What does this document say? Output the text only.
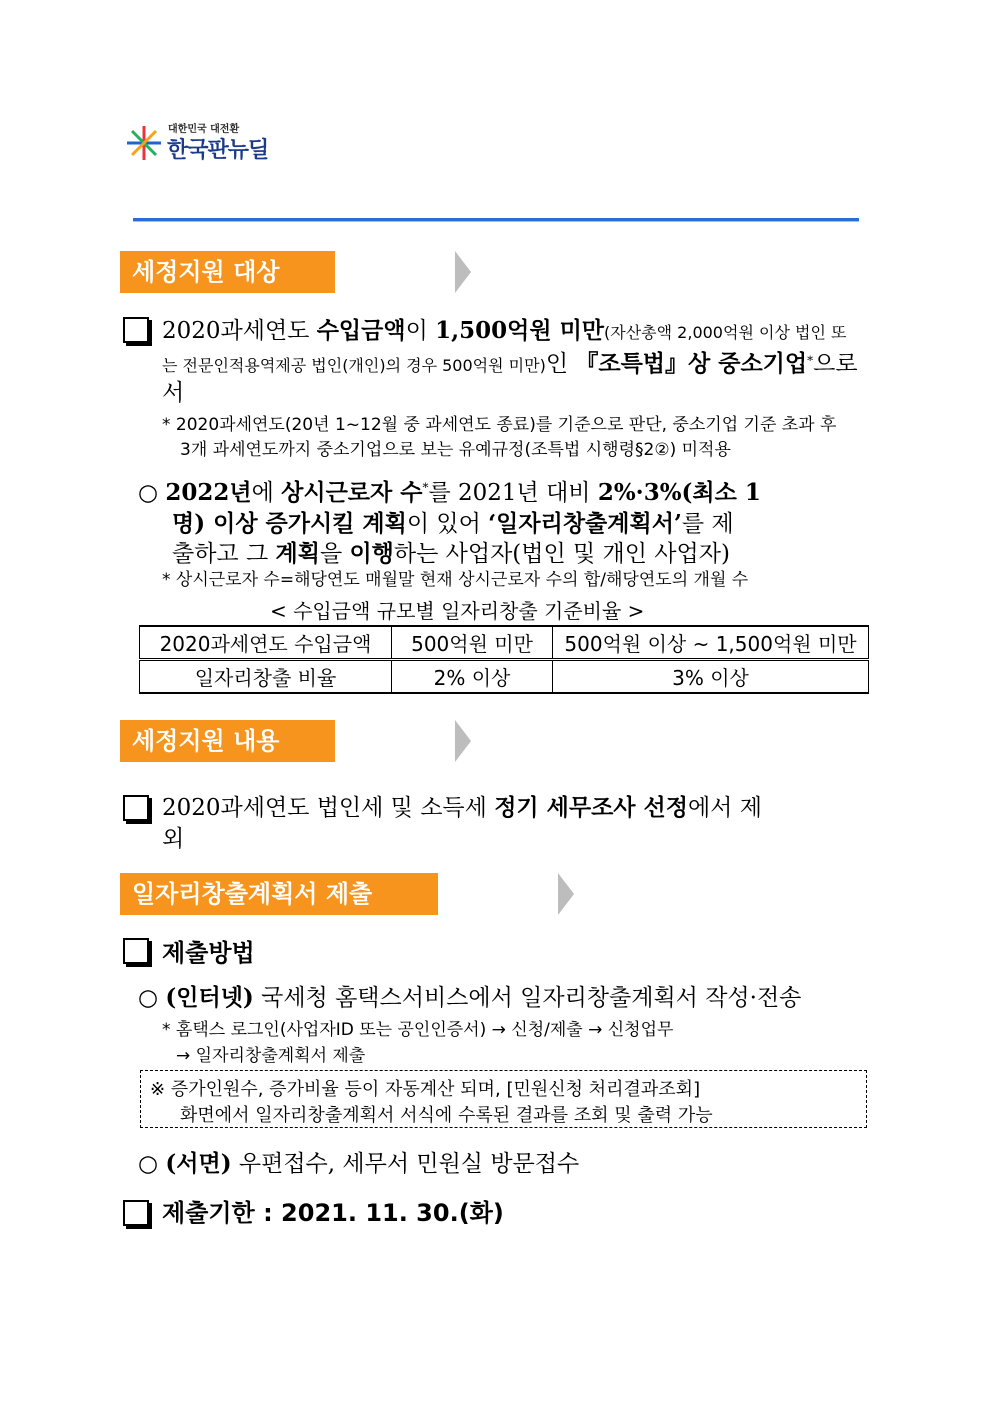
대한민국 대전환
한국판뉴딜
세정지원 대상
2020과세연도 수입금액이 1,500억원 미만(자산총액 2,000억원 이상 법인 또
는 전문인적용역제공 법인(개인)의 경우 500억원 미만)인 『조특법』상 중소기업*으로
서
* 2020과세연도(20년 1~12월 중 과세연도 종료)를 기준으로 판단, 중소기업 기준 초과 후
3개 과세연도까지 중소기업으로 보는 유예규정(조특법 시행령§2②) 미적용
○ 2022년에 상시근로자 수*를 2021년 대비 2%·3%(최소 1
명) 이상 증가시킬 계획이 있어 ‘일자리창출계획서’를 제
출하고 그 계획을 이행하는 사업자(법인 및 개인 사업자)
* 상시근로자 수=해당연도 매월말 현재 상시근로자 수의 합/해당연도의 개월 수
< 수입금액 규모별 일자리창출 기준비율 >
2020과세연도 수입금액	500억원 미만	500억원 이상 ~ 1,500억원 미만
일자리창출 비율	2% 이상	3% 이상
세정지원 내용
2020과세연도 법인세 및 소득세 정기 세무조사 선정에서 제
외
일자리창출계획서 제출
제출방법
○ (인터넷) 국세청 홈택스서비스에서 일자리창출계획서 작성·전송
* 홈택스 로그인(사업자ID 또는 공인인증서) → 신청/제출 → 신청업무
→ 일자리창출계획서 제출
※ 증가인원수, 증가비율 등이 자동계산 되며, [민원신청 처리결과조회]
화면에서 일자리창출계획서 서식에 수록된 결과를 조회 및 출력 가능
○ (서면) 우편접수, 세무서 민원실 방문접수
제출기한 : 2021. 11. 30.(화)
